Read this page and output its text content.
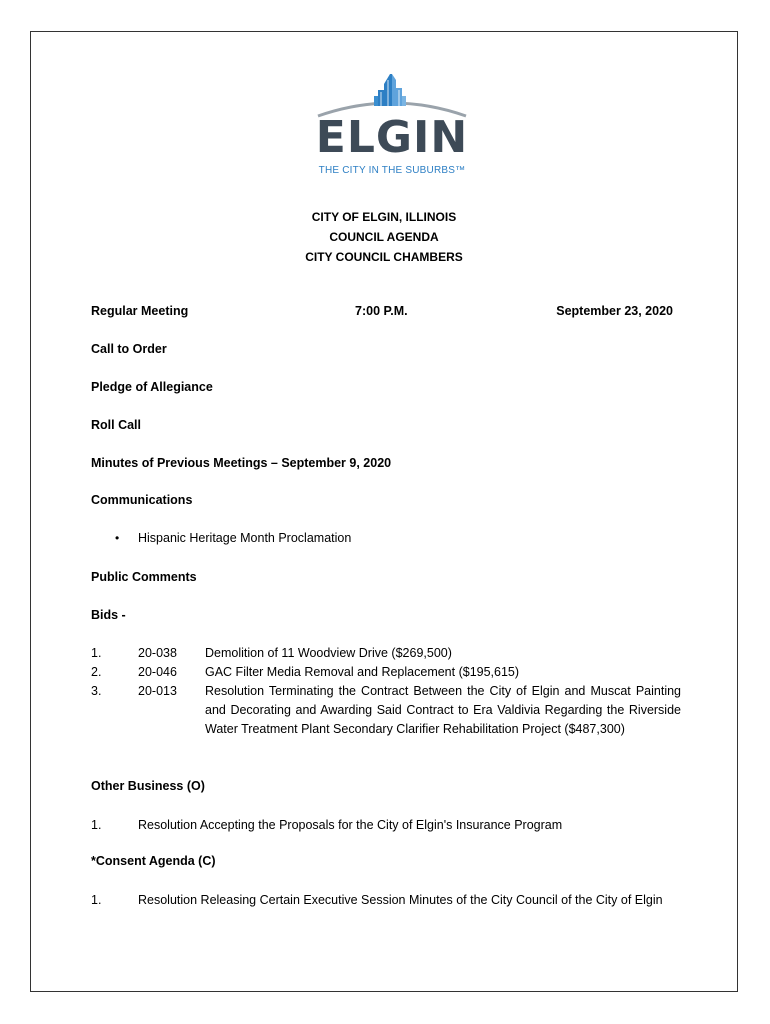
ELGIN
THE CITY IN THE SUBURBS™
CITY OF ELGIN, ILLINOIS
COUNCIL AGENDA
CITY COUNCIL CHAMBERS
Regular Meeting	7:00 P.M.	September 23, 2020
Call to Order
Pledge of Allegiance
Roll Call
Minutes of Previous Meetings – September 9, 2020
Communications
• Hispanic Heritage Month Proclamation
Public Comments
Bids -
1.	20-038 Demolition of 11 Woodview Drive ($269,500)
2.	20-046 GAC Filter Media Removal and Replacement ($195,615)
3.	20-013 Resolution Terminating the Contract Between the City of Elgin and Muscat Painting and Decorating and Awarding Said Contract to Era Valdivia Regarding the Riverside Water Treatment Plant Secondary Clarifier Rehabilitation Project ($487,300)
Other Business (O)
1.	Resolution Accepting the Proposals for the City of Elgin's Insurance Program
*Consent Agenda (C)
1.	Resolution Releasing Certain Executive Session Minutes of the City Council of the City of Elgin
